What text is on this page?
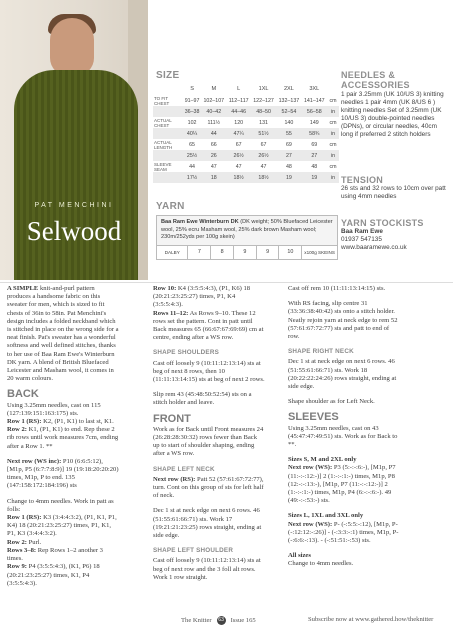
PAT MENCHINI
Selwood
SIZE
	S	M	L	1XL	2XL	3XL	
TO FIT CHEST	91–97	102–107	112–117	122–127	132–137	141–147	cm
	36–38	40–42	44–46	48–50	52–54	56–58	in
ACTUAL CHEST	102	111½	120	131	140	149	cm
	40¼	44	47¼	51½	55	58¾	in
ACTUAL LENGTH	65	66	67	67	69	69	cm
	25½	26	26½	26½	27	27	in
SLEEVE SEAM	44	47	47	47	48	48	cm
	17½	18	18½	18½	19	19	in
YARN
Baa Ram Ewe Winterburn DK (DK weight; 50% Bluefaced Leicester wool, 25% ecru Masham wool, 25% dark brown Masham wool; 230m/252yds per 100g skein)
DALBY	7	8	9	9	10	x100g SKEINS
NEEDLES & ACCESSORIES

1 pair 3.25mm (UK 10/US 3) knitting needles 1 pair 4mm (UK 8/US 6 ) knitting needles Set of 3.25mm (UK 10/US 3) double-pointed needles (DPNs), or circular needles, 40cm long if preferred 2 stitch holders

TENSION

26 sts and 32 rows to 10cm over patt using 4mm needles

YARN STOCKISTS

Baa Ram Ewe

01937 547135

www.baaramewe.co.uk

A SIMPLE knit-and-purl pattern produces a handsome fabric on this sweater for men, which is sized to fit chests of 36in to 58in. Pat Menchini's design includes a folded neckband which is stitched in place on the wrong side for a neat finish. Pat's sweater has a wonderful softness and well defined stitches, thanks to her use of Baa Ram Ewe's Winterburn DK yarn. A blend of British Bluefaced Leicester and Masham wool, it comes in 20 warm colours.

BACK

Using 3.25mm needles, cast on 115 (127:139:151:163:175) sts.

Row 1 (RS): K2, (P1, K1) to last st, K1.

Row 2: K1, (P1, K1) to end. Rep these 2 rib rows until work measures 7cm, ending after a Row 1. **

Next row (WS inc): P10 (6:6:5:12), [M1p, P5 (6:7:7:8:9)] 19 (19:18:20:20:20) times, M1p, P to end. 135 (147:158:172:184:196) sts

Change to 4mm needles. Work in patt as folls:

Row 1 (RS): K3 (3:4:4:3:2), (P1, K1, P1, K4) 18 (20:21:23:25:27) times, P1, K1, P1, K3 (3:4:4:3:2).

Row 2: Purl.

Rows 3–8: Rep Rows 1–2 another 3 times.

Row 9: P4 (3:5:5:4:3), (K1, P6) 18 (20:21:23:25:27) times, K1, P4 (3:5:5:4:3).

Row 10: K4 (3:5:5:4:3), (P1, K6) 18 (20:21:23:25:27) times, P1, K4 (3:5:5:4:3).

Rows 11–12: As Rows 9–10. These 12 rows set the pattern. Cont in patt until Back measures 65 (66:67:67:69:69) cm at centre, ending after a WS row.

SHAPE SHOULDERS

Cast off loosely 9 (10:11:12:13:14) sts at beg of next 8 rows, then 10 (11:11:13:14:15) sts at beg of next 2 rows.

Slip rem 43 (45:48:50:52:54) sts on a stitch holder and leave.

FRONT

Work as for Back until Front measures 24 (26:28:28:30:32) rows fewer than Back up to start of shoulder shaping, ending after a WS row.

SHAPE LEFT NECK

Next row (RS): Patt 52 (57:61:67:72:77), turn. Cont on this group of sts for left half of neck.

Dec 1 st at neck edge on next 6 rows. 46 (51:55:61:66:71) sts. Work 17 (19:21:21:23:25) rows straight, ending at side edge.

SHAPE LEFT SHOULDER

Cast off loosely 9 (10:11:12:13:14) sts at beg of next row and the 3 foll alt rows. Work 1 row straight.

Cast off rem 10 (11:11:13:14:15) sts.

With RS facing, slip centre 31 (33:36:38:40:42) sts onto a stitch holder. Neatly rejoin yarn at neck edge to rem 52 (57:61:67:72:77) sts and patt to end of row.

SHAPE RIGHT NECK

Dec 1 st at neck edge on next 6 rows. 46 (51:55:61:66:71) sts. Work 18 (20:22:22:24:26) rows straight, ending at side edge.

Shape shoulder as for Left Neck.

SLEEVES

Using 3.25mm needles, cast on 43 (45:47:47:49:51) sts. Work as for Back to **.

Sizes S, M and 2XL only

Next row (WS): P3 (5:-:-:6:-), [M1p, P7 (11:-:-:12:-)] 2 (1:-:-:1:-) times, M1p, P8 (12:-:-:13:-), [M1p, P7 (11:-:-:12:-)] 2 (1:-:-:1:-) times, M1p, P4 (6:-:-:6:-). 49 (49:-:-:53:-) sts.

Sizes L, 1XL and 3XL only

Next row (WS): P- (-:5:5:-:12), [M1p, P- (-:12:12:-:26)] - (-:3:3:-:1) times, M1p, P- (-:6:6:-:13). - (-:51:51:-:53) sts.

All sizes

Change to 4mm needles.

The Knitter	63 Issue 165	Subscribe now at www.gathered.how/theknitter
